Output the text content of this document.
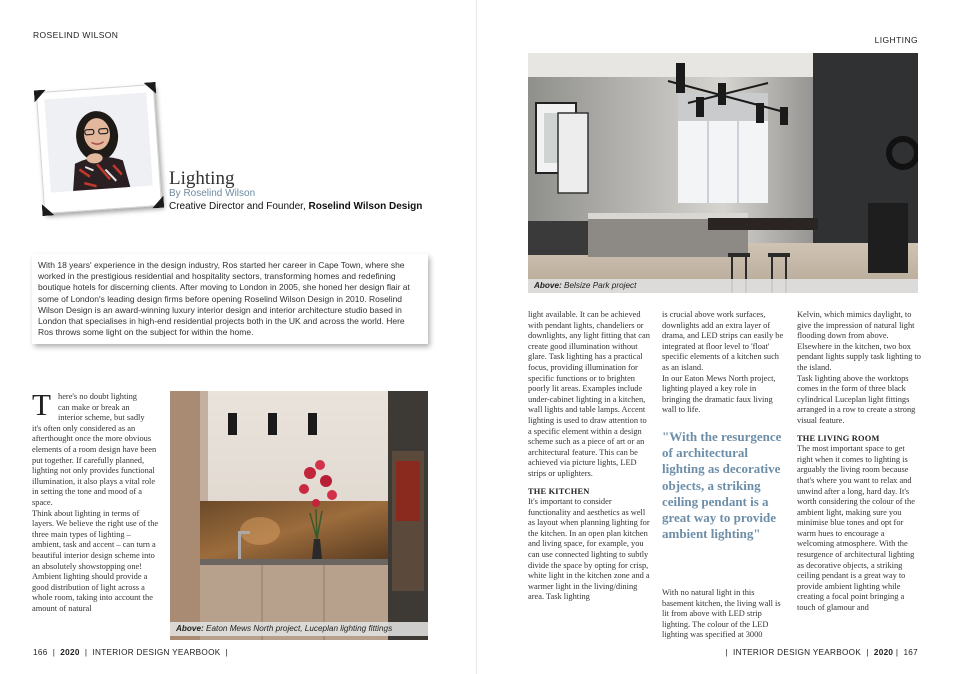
ROSELIND WILSON	LIGHTING
Lighting
By Roselind Wilson
Creative Director and Founder, Roselind Wilson Design
With 18 years' experience in the design industry, Ros started her career in Cape Town, where she worked in the prestigious residential and hospitality sectors, transforming homes and redefining boutique hotels for discerning clients. After moving to London in 2005, she honed her design flair at some of London's leading design firms before opening Roselind Wilson Design in 2010. Roselind Wilson Design is an award-winning luxury interior design and interior architecture studio based in London that specialises in high-end residential projects both in the UK and across the world. Here Ros throws some light on the subject for within the home.

T here's no doubt lighting
can make or break an
interior scheme, but sadly
it's often only considered as an afterthought once the more obvious elements of a room design have been put together. If carefully planned, lighting not only provides functional illumination, it also plays a vital role in setting the tone and mood of a space.

Think about lighting in terms of layers. We believe the right use of the three main types of lighting – ambient, task and accent – can turn a beautiful interior design scheme into an absolutely showstopping one!

Ambient lighting should provide a good distribution of light across a whole room, taking into account the amount of natural

Above: Eaton Mews North project, Luceplan lighting fittings
Above: Belsize Park project

light available. It can be achieved with pendant lights, chandeliers or downlights, any light fitting that can create good illumination without glare. Task lighting has a practical focus, providing illumination for specific functions or to brighten poorly lit areas. Examples include under-cabinet lighting in a kitchen, wall lights and table lamps. Accent lighting is used to draw attention to a specific element within a design scheme such as a piece of art or an architectural feature. This can be achieved via picture lights, LED strips or uplighters.

THE KITCHEN

It's important to consider functionality and aesthetics as well as layout when planning lighting for the kitchen. In an open plan kitchen and living space, for example, you can use connected lighting to subtly divide the space by opting for crisp, white light in the kitchen zone and a warmer light in the living/dining area. Task lighting

is crucial above work surfaces, downlights add an extra layer of drama, and LED strips can easily be integrated at floor level to 'float' specific elements of a kitchen such as an island.

In our Eaton Mews North project, lighting played a key role in bringing the dramatic faux living wall to life.

"With the resurgence of architectural lighting as decorative objects, a striking ceiling pendant is a great way to provide ambient lighting"

With no natural light in this basement kitchen, the living wall is lit from above with LED strip lighting. The colour of the LED lighting was specified at 3000

Kelvin, which mimics daylight, to give the impression of natural light flooding down from above. Elsewhere in the kitchen, two box pendant lights supply task lighting to the island.

Task lighting above the worktops comes in the form of three black cylindrical Luceplan light fittings arranged in a row to create a strong visual feature.

THE LIVING ROOM

The most important space to get right when it comes to lighting is arguably the living room because that's where you want to relax and unwind after a long, hard day. It's worth considering the colour of the ambient light, making sure you minimise blue tones and opt for warm hues to encourage a welcoming atmosphere. With the resurgence of architectural lighting as decorative objects, a striking ceiling pendant is a great way to provide ambient lighting while creating a focal point bringing a touch of glamour and

166  |  2020  |  INTERIOR DESIGN YEARBOOK  |	|  INTERIOR DESIGN YEARBOOK  |  2020 |  167
